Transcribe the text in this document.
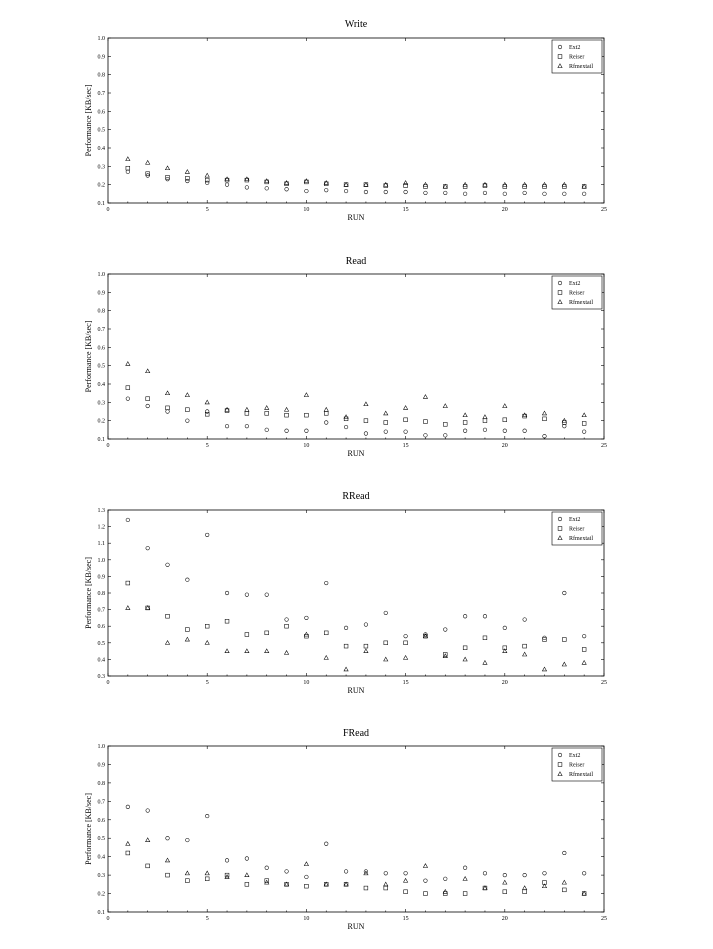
Write
0	5	10	15	20	25
0.1
0.2
0.3
0.4
0.5
0.6
0.7
0.8
0.9
1.0
RUN
Performance [KB/sec]
Ext2
Reiser
Rfmextail
Read
0	5	10	15	20	25
0.1
0.2
0.3
0.4
0.5
0.6
0.7
0.8
0.9
1.0
RUN
Performance [KB/sec]
Ext2
Reiser
Rfmextail
RRead
0	5	10	15	20	25
0.3
0.4
0.5
0.6
0.7
0.8
0.9
1.0
1.1
1.2
1.3
RUN
Performance [KB/sec]
Ext2
Reiser
Rfmextail
FRead
0	5	10	15	20	25
0.1
0.2
0.3
0.4
0.5
0.6
0.7
0.8
0.9
1.0
RUN
Performance [KB/sec]
Ext2
Reiser
Rfmextail
